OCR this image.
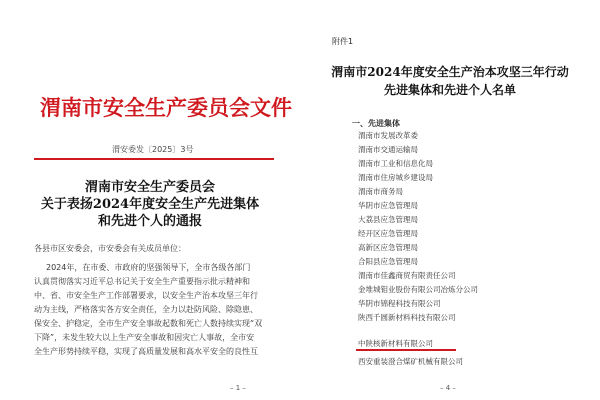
渭南市安全生产委员会文件
渭安委发〔2025〕3号
渭南市安全生产委员会
关于表扬2024年度安全生产先进集体
和先进个人的通报
各县市区安委会，市安委会有关成员单位：
2024年，在市委、市政府的坚强领导下，全市各级各部门
认真贯彻落实习近平总书记关于安全生产重要指示批示精神和
中、省、市安全生产工作部署要求，以安全生产治本攻坚三年行
动为主线，严格落实各方安全责任，全力以赴防风险、除隐患、
保安全、护稳定，全市生产安全事故起数和死亡人数持续实现“双
下降”，未发生较大以上生产安全事故和因灾亡人事故，全市安
全生产形势持续平稳，实现了高质量发展和高水平安全的良性互
– 1 –
附件1
渭南市2024年度安全生产治本攻坚三年行动
先进集体和先进个人名单
一、先进集体
渭南市发展改革委
渭南市交通运输局
渭南市工业和信息化局
渭南市住房城乡建设局
渭南市商务局
华阴市应急管理局
大荔县应急管理局
经开区应急管理局
高新区应急管理局
合阳县应急管理局
渭南市佳鑫商贸有限责任公司
金堆城钼业股份有限公司冶炼分公司
华阴市锦程科技有限公司
陕西千圆新材料科技有限公司
中陕核新材料有限公司
西安重装澄合煤矿机械有限公司
– 4 –
